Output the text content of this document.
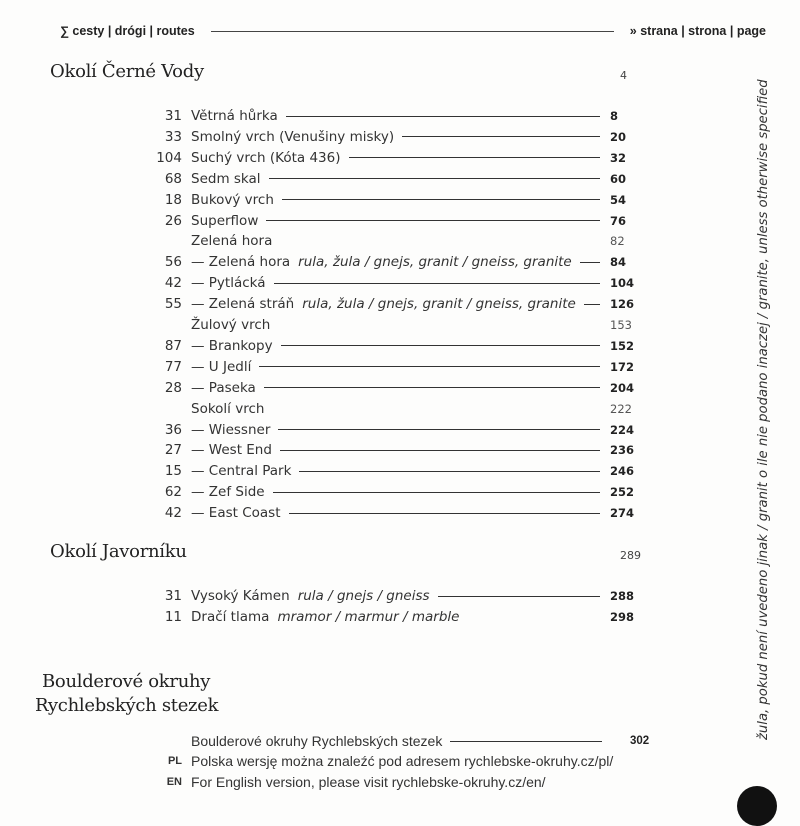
∑ cesty | drógi | routes	» strana | strona | page
Okolí Černé Vody	4
31 Větrná hůrka	8
33 Smolný vrch (Venušiny misky)	20
104 Suchý vrch (Kóta 436)	32
68 Sedm skal	60
18 Bukový vrch	54
26 Superflow	76
Zelená hora	82
56 — Zelená hora rula, žula / gnejs, granit / gneiss, granite	84
42 — Pytlácká	104
55 — Zelená stráň rula, žula / gnejs, granit / gneiss, granite	126
Žulový vrch	153
87 — Brankopy	152
77 — U Jedlí	172
28 — Paseka	204
Sokolí vrch	222
36 — Wiessner	224
27 — West End	236
15 — Central Park	246
62 — Zef Side	252
42 — East Coast	274
Okolí Javorníku	289
31 Vysoký Kámen rula / gnejs / gneiss	288
11 Dračí tlama mramor / marmur / marble	298
Boulderové okruhy
Rychlebských stezek
Boulderové okruhy Rychlebských stezek	302
PL Polska wersję można znaleźć pod adresem rychlebske-okruhy.cz/pl/
EN For English version, please visit rychlebske-okruhy.cz/en/
žula, pokud není uvedeno jinak / granit o ile nie podano inaczej / granite, unless otherwise specified
